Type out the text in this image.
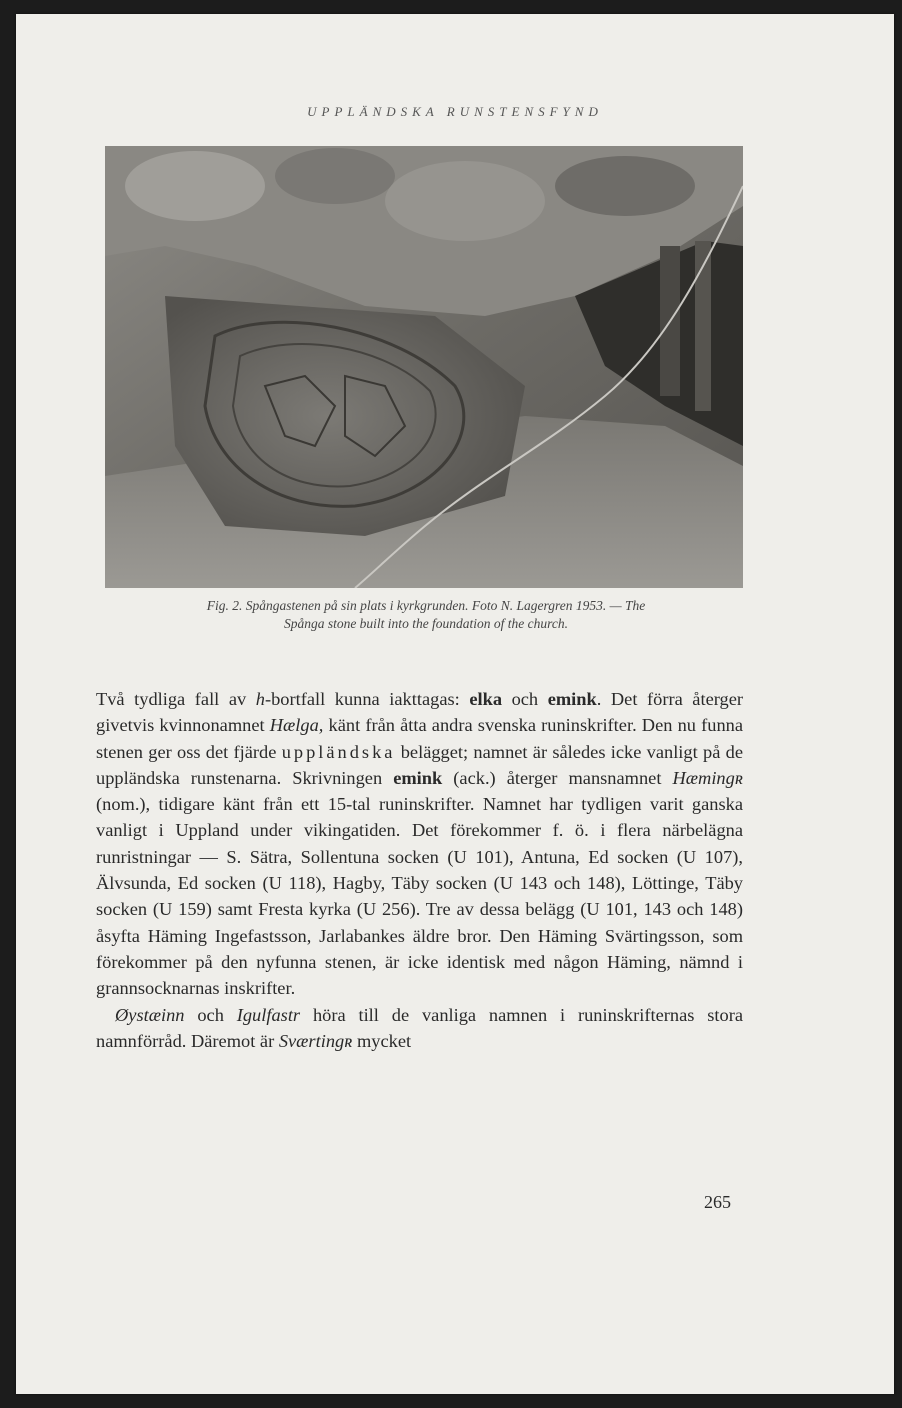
UPPLÄNDSKA RUNSTENSFYND
Fig. 2. Spångastenen på sin plats i kyrkgrunden. Foto N. Lagergren 1953. — The
Spånga stone built into the foundation of the church.

Två tydliga fall av h-bortfall kunna iakttagas: elka och emink. Det förra återger givetvis kvinnonamnet Hælga, känt från åtta andra svenska runinskrifter. Den nu funna stenen ger oss det fjärde uppländska belägget; namnet är således icke vanligt på de uppländska runstenarna. Skrivningen emink (ack.) återger mansnamnet Hæmingʀ (nom.), tidigare känt från ett 15-tal runinskrifter. Namnet har tydligen varit ganska vanligt i Uppland under vikingatiden. Det förekommer f. ö. i flera närbelägna runristningar — S. Sätra, Sollentuna socken (U 101), Antuna, Ed socken (U 107), Älvsunda, Ed socken (U 118), Hagby, Täby socken (U 143 och 148), Löttinge, Täby socken (U 159) samt Fresta kyrka (U 256). Tre av dessa belägg (U 101, 143 och 148) åsyfta Häming Ingefastsson, Jarlabankes äldre bror. Den Häming Svärtingsson, som förekommer på den nyfunna stenen, är icke identisk med någon Häming, nämnd i grannsocknarnas inskrifter.

Øystæinn och Igulfastr höra till de vanliga namnen i runinskrifternas stora namnförråd. Däremot är Sværtingʀ mycket

265
